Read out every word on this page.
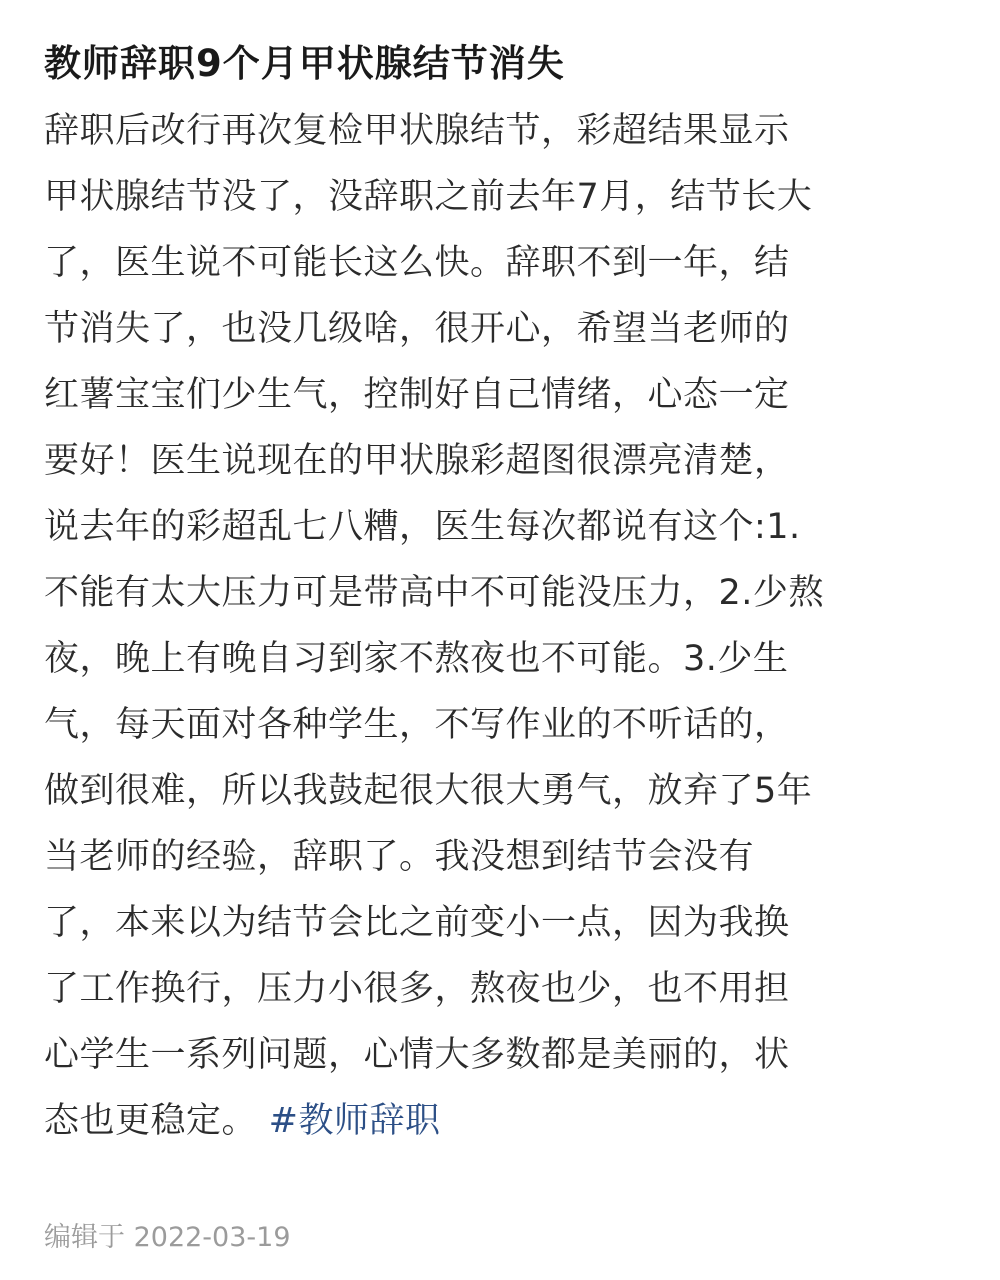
教师辞职9个月甲状腺结节消失
辞职后改行再次复检甲状腺结节，彩超结果显示
甲状腺结节没了，没辞职之前去年7月，结节长大
了，医生说不可能长这么快。辞职不到一年，结
节消失了，也没几级啥，很开心，希望当老师的
红薯宝宝们少生气，控制好自己情绪，心态一定
要好！医生说现在的甲状腺彩超图很漂亮清楚，
说去年的彩超乱七八糟，医生每次都说有这个:1.
不能有太大压力可是带高中不可能没压力，2.少熬
夜，晚上有晚自习到家不熬夜也不可能。3.少生
气，每天面对各种学生，不写作业的不听话的，
做到很难，所以我鼓起很大很大勇气，放弃了5年
当老师的经验，辞职了。我没想到结节会没有
了，本来以为结节会比之前变小一点，因为我换
了工作换行，压力小很多，熬夜也少，也不用担
心学生一系列问题，心情大多数都是美丽的，状
态也更稳定。 #教师辞职
编辑于 2022-03-19
